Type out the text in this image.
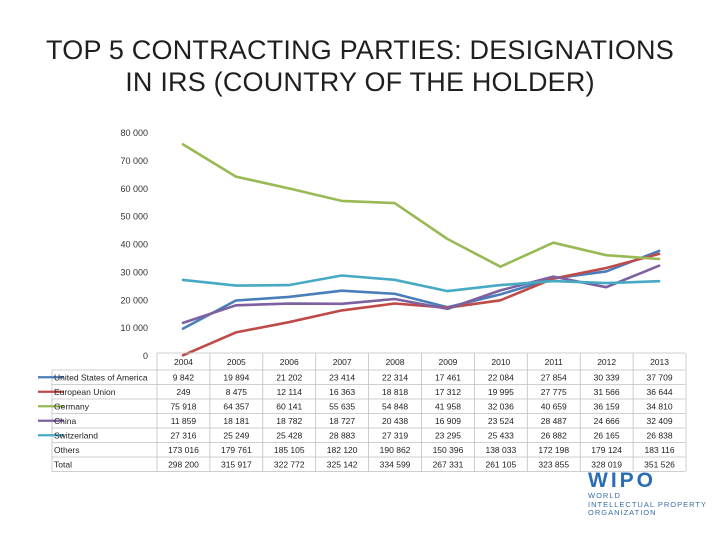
TOP 5 CONTRACTING PARTIES: DESIGNATIONS
IN IRS (COUNTRY OF THE HOLDER)
0
10 000
20 000
30 000
40 000
50 000
60 000
70 000
80 000
2004	2005	2006	2007	2008	2009	2010	2011	2012	2013
United States of America	9 842	19 894	21 202	23 414	22 314	17 461	22 084	27 854	30 339	37 709
European Union	249	8 475	12 114	16 363	18 818	17 312	19 995	27 775	31 566	36 644
Germany	75 918	64 357	60 141	55 635	54 848	41 958	32 036	40 659	36 159	34 810
China	11 859	18 181	18 782	18 727	20 438	16 909	23 524	28 487	24 666	32 409
Switzerland	27 316	25 249	25 428	28 883	27 319	23 295	25 433	26 882	26 165	26 838
Others	173 016	179 761	185 105	182 120	190 862	150 396	138 033	172 198	179 124	183 116
Total	298 200	315 917	322 772	325 142	334 599	267 331	261 105	323 855	328 019	351 526
WIPO
WORLD
INTELLECTUAL PROPERTY
ORGANIZATION
